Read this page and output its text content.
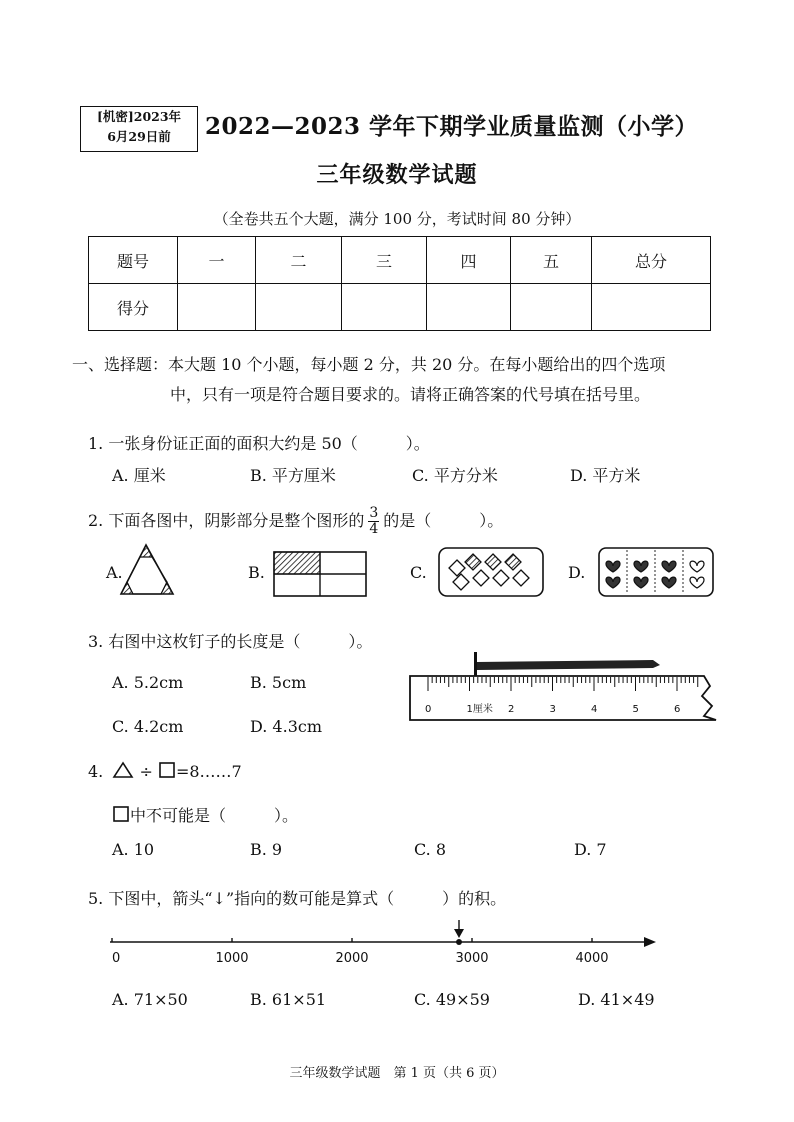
[机密]2023年
6月29日前	2022—2023 学年下期学业质量监测（小学）
三年级数学试题
（全卷共五个大题，满分 100 分，考试时间 80 分钟）
题号	一	二	三	四	五	总分
得分						
一、选择题：本大题 10 个小题，每小题 2 分，共 20 分。在每小题给出的四个选项
中，只有一项是符合题目要求的。请将正确答案的代号填在括号里。
1. 一张身份证正面的面积大约是 50（　　　）。
A. 厘米	B. 平方厘米	C. 平方分米	D. 平方米
2. 下面各图中，阴影部分是整个图形的 $\frac{3}{4}$ 的是（　　　）。
A.	B.	C.	D.
3. 右图中这枚钉子的长度是（　　　）。
A. 5.2cm	B. 5cm
C. 4.2cm	D. 4.3cm
0	1厘米 2	3	4	5	6
4. ÷ =8……7
中不可能是（　　　）。
A. 10	B. 9	C. 8	D. 7
5. 下图中，箭头“↓”指向的数可能是算式（　　　）的积。
0	1000	2000	3000	4000
A. 71×50	B. 61×51	C. 49×59	D. 41×49
三年级数学试题　第 1 页（共 6 页）
